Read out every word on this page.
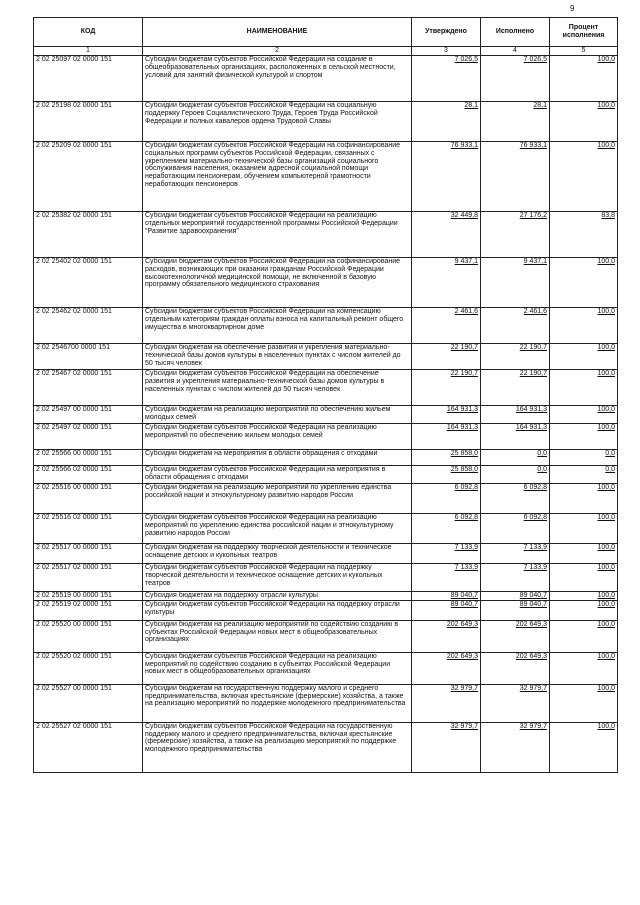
9
КОД	НАИМЕНОВАНИЕ	Утверждено	Исполнено	Процент исполнения
1	2	3	4	5
2 02 25097 02 0000 151	Субсидии бюджетам субъектов Российской Федерации на создание в общеобразовательных организациях, расположенных в сельской местности, условий для занятий физической культурой и спортом	7 026,5	7 026,5	100,0
2 02 25198 02 0000 151	Субсидии бюджетам субъектов Российской Федерации на социальную поддержку Героев Социалистического Труда, Героев Труда Российской Федерации и полных кавалеров ордена Трудовой Славы	28,1	28,1	100,0
2 02 25209 02 0000 151	Субсидии бюджетам субъектов Российской Федерации на софинансирование социальных программ субъектов Российской Федерации, связанных с укреплением материально-технической базы организаций социального обслуживания населения, оказанием адресной социальной помощи неработающим пенсионерам, обучением компьютерной грамотности неработающих пенсионеров	76 933,1	76 933,1	100,0
2 02 25382 02 0000 151	Субсидии бюджетам субъектов Российской Федерации на реализацию отдельных мероприятий государственной программы Российской Федерации "Развитие здравоохранения"	32 449,8	27 176,2	83,8
2 02 25402 02 0000 151	Субсидии бюджетам субъектов Российской Федерации на софинансирование расходов, возникающих при оказании гражданам Российской Федерации высокотехнологичной медицинской помощи, не включенной в базовую программу обязательного медицинского страхования	9 437,1	9 437,1	100,0
2 02 25462 02 0000 151	Субсидии бюджетам субъектов Российской Федерации на компенсацию отдельным категориям граждан оплаты взноса на капитальный ремонт общего имущества в многоквартирном доме	2 461,6	2 461,6	100,0
2 02 2546700 0000 151	Субсидии бюджетам на обеспечение развития и укрепления материально-технической базы домов культуры в населенных пунктах с числом жителей до 50 тысяч человек	22 190,7	22 190,7	100,0
2 02 25467 02 0000 151	Субсидии бюджетам субъектов Российской Федерации на обеспечение развития и укрепления материально-технической базы домов культуры в населенных пунктах с числом жителей до 50 тысяч человек	22 190,7	22 190,7	100,0
2 02 25497 00 0000 151	Субсидии бюджетам на реализацию мероприятий по обеспечению жильем молодых семей	164 931,3	164 931,3	100,0
2 02 25497 02 0000 151	Субсидии бюджетам субъектов Российской Федерации на реализацию мероприятий по обеспечению жильем молодых семей	164 931,3	164 931,3	100,0
2 02 25566 00 0000 151	Субсидии бюджетам на мероприятия в области обращения с отходами	25 858,0	0,0	0,0
2 02 25566 02 0000 151	Субсидии бюджетам субъектов Российской Федерации на мероприятия в области обращения с отходами	25 858,0	0,0	0,0
2 02 25516 00 0000 151	Субсидии бюджетам на реализацию мероприятий по укреплению единства российской нации и этнокультурному развитию народов России	6 092,8	6 092,8	100,0
2 02 25516 02 0000 151	Субсидии бюджетам субъектов Российской Федерации на реализацию мероприятий по укреплению единства российской нации и этнокультурному развитию народов России	6 092,8	6 092,8	100,0
2 02 25517 00 0000 151	Субсидии бюджетам на поддержку творческой деятельности и техническое оснащение детских и кукольных театров	7 133,9	7 133,9	100,0
2 02 25517 02 0000 151	Субсидии бюджетам субъектов Российской Федерации на поддержку творческой деятельности и техническое оснащение детских и кукольных театров	7 133,9	7 133,9	100,0
2 02 25519 00 0000 151	Субсидия бюджетам на поддержку отрасли культуры	89 040,7	89 040,7	100,0
2 02 25519 02 0000 151	Субсидии бюджетам субъектов Российской Федерации на поддержку отрасли культуры	89 040,7	89 040,7	100,0
2 02 25520 00 0000 151	Субсидии бюджетам на реализацию мероприятий по содействию созданию в субъектах Российской Федерации новых мест в общеобразовательных организациях	202 649,3	202 649,3	100,0
2 02 25520 02 0000 151	Субсидии бюджетам субъектов Российской Федерации на реализацию мероприятий по содействию созданию в субъектах Российской Федерации новых мест в общеобразовательных организациях	202 649,3	202 649,3	100,0
2 02 25527 00 0000 151	Субсидии бюджетам на государственную поддержку малого и среднего предпринимательства, включая крестьянские (фермерские) хозяйства, а также на реализацию мероприятий по поддержке молодежного предпринимательства	32 979,7	32 979,7	100,0
2 02 25527 02 0000 151	Субсидии бюджетам субъектов Российской Федерации на государственную поддержку малого и среднего предпринимательства, включая крестьянские (фермерские) хозяйства, а также на реализацию мероприятий по поддержке молодежного предпринимательства	32 979,7	32 979,7	100,0
